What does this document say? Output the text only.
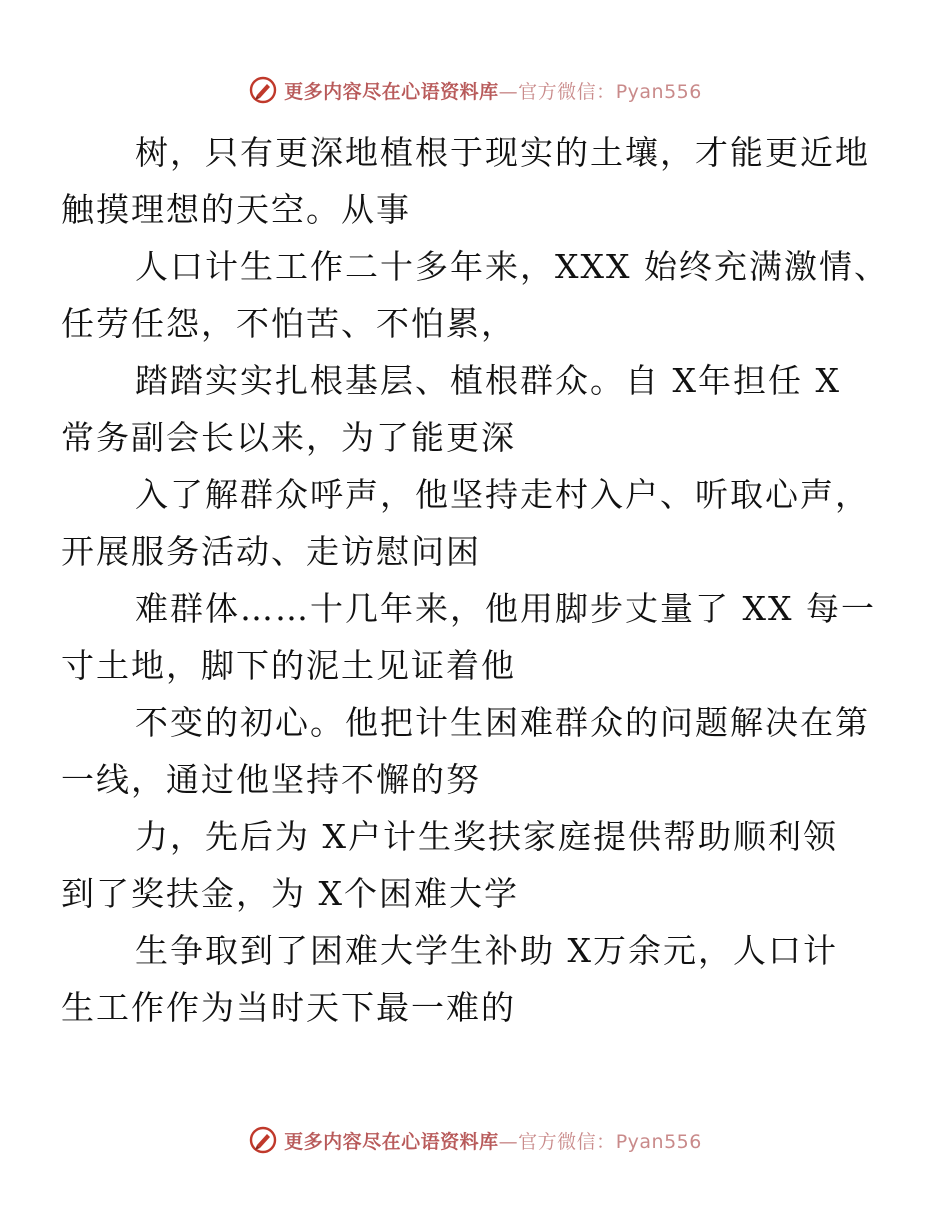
更多内容尽在心语资料库—官方微信：Pyan556

树，只有更深地植根于现实的土壤，才能更近地
触摸理想的天空。从事

人口计生工作二十多年来，XXX 始终充满激情、
任劳任怨，不怕苦、不怕累，

踏踏实实扎根基层、植根群众。自 X年担任 X
常务副会长以来，为了能更深

入了解群众呼声，他坚持走村入户、听取心声，
开展服务活动、走访慰问困

难群体……十几年来，他用脚步丈量了 XX 每一
寸土地，脚下的泥土见证着他

不变的初心。他把计生困难群众的问题解决在第
一线，通过他坚持不懈的努

力，先后为 X户计生奖扶家庭提供帮助顺利领
到了奖扶金，为 X个困难大学

生争取到了困难大学生补助 X万余元，人口计
生工作作为当时天下最一难的

更多内容尽在心语资料库—官方微信：Pyan556
